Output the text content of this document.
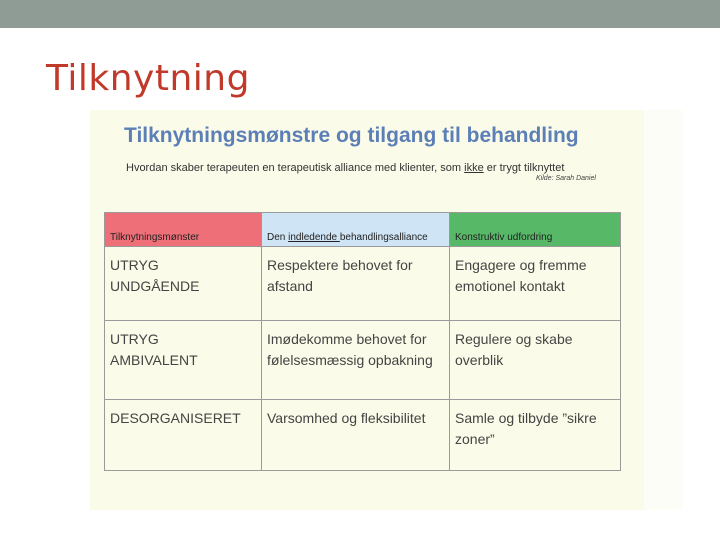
Tilknytning
Tilknytningsmønstre og tilgang til behandling
Hvordan skaber terapeuten en terapeutisk alliance med klienter, som ikke er trygt tilknyttet
Kilde: Sarah Daniel
Tilknytningsmønster	Den indledende behandlingsalliance	Konstruktiv udfordring

UTRYG
UNDGÅENDE	Respektere behovet for afstand	Engagere og fremme emotionel kontakt

UTRYG
AMBIVALENT	Imødekomme behovet for følelsesmæssig opbakning	Regulere og skabe overblik

DESORGANISERET	Varsomhed og fleksibilitet	Samle og tilbyde ”sikre zoner”
